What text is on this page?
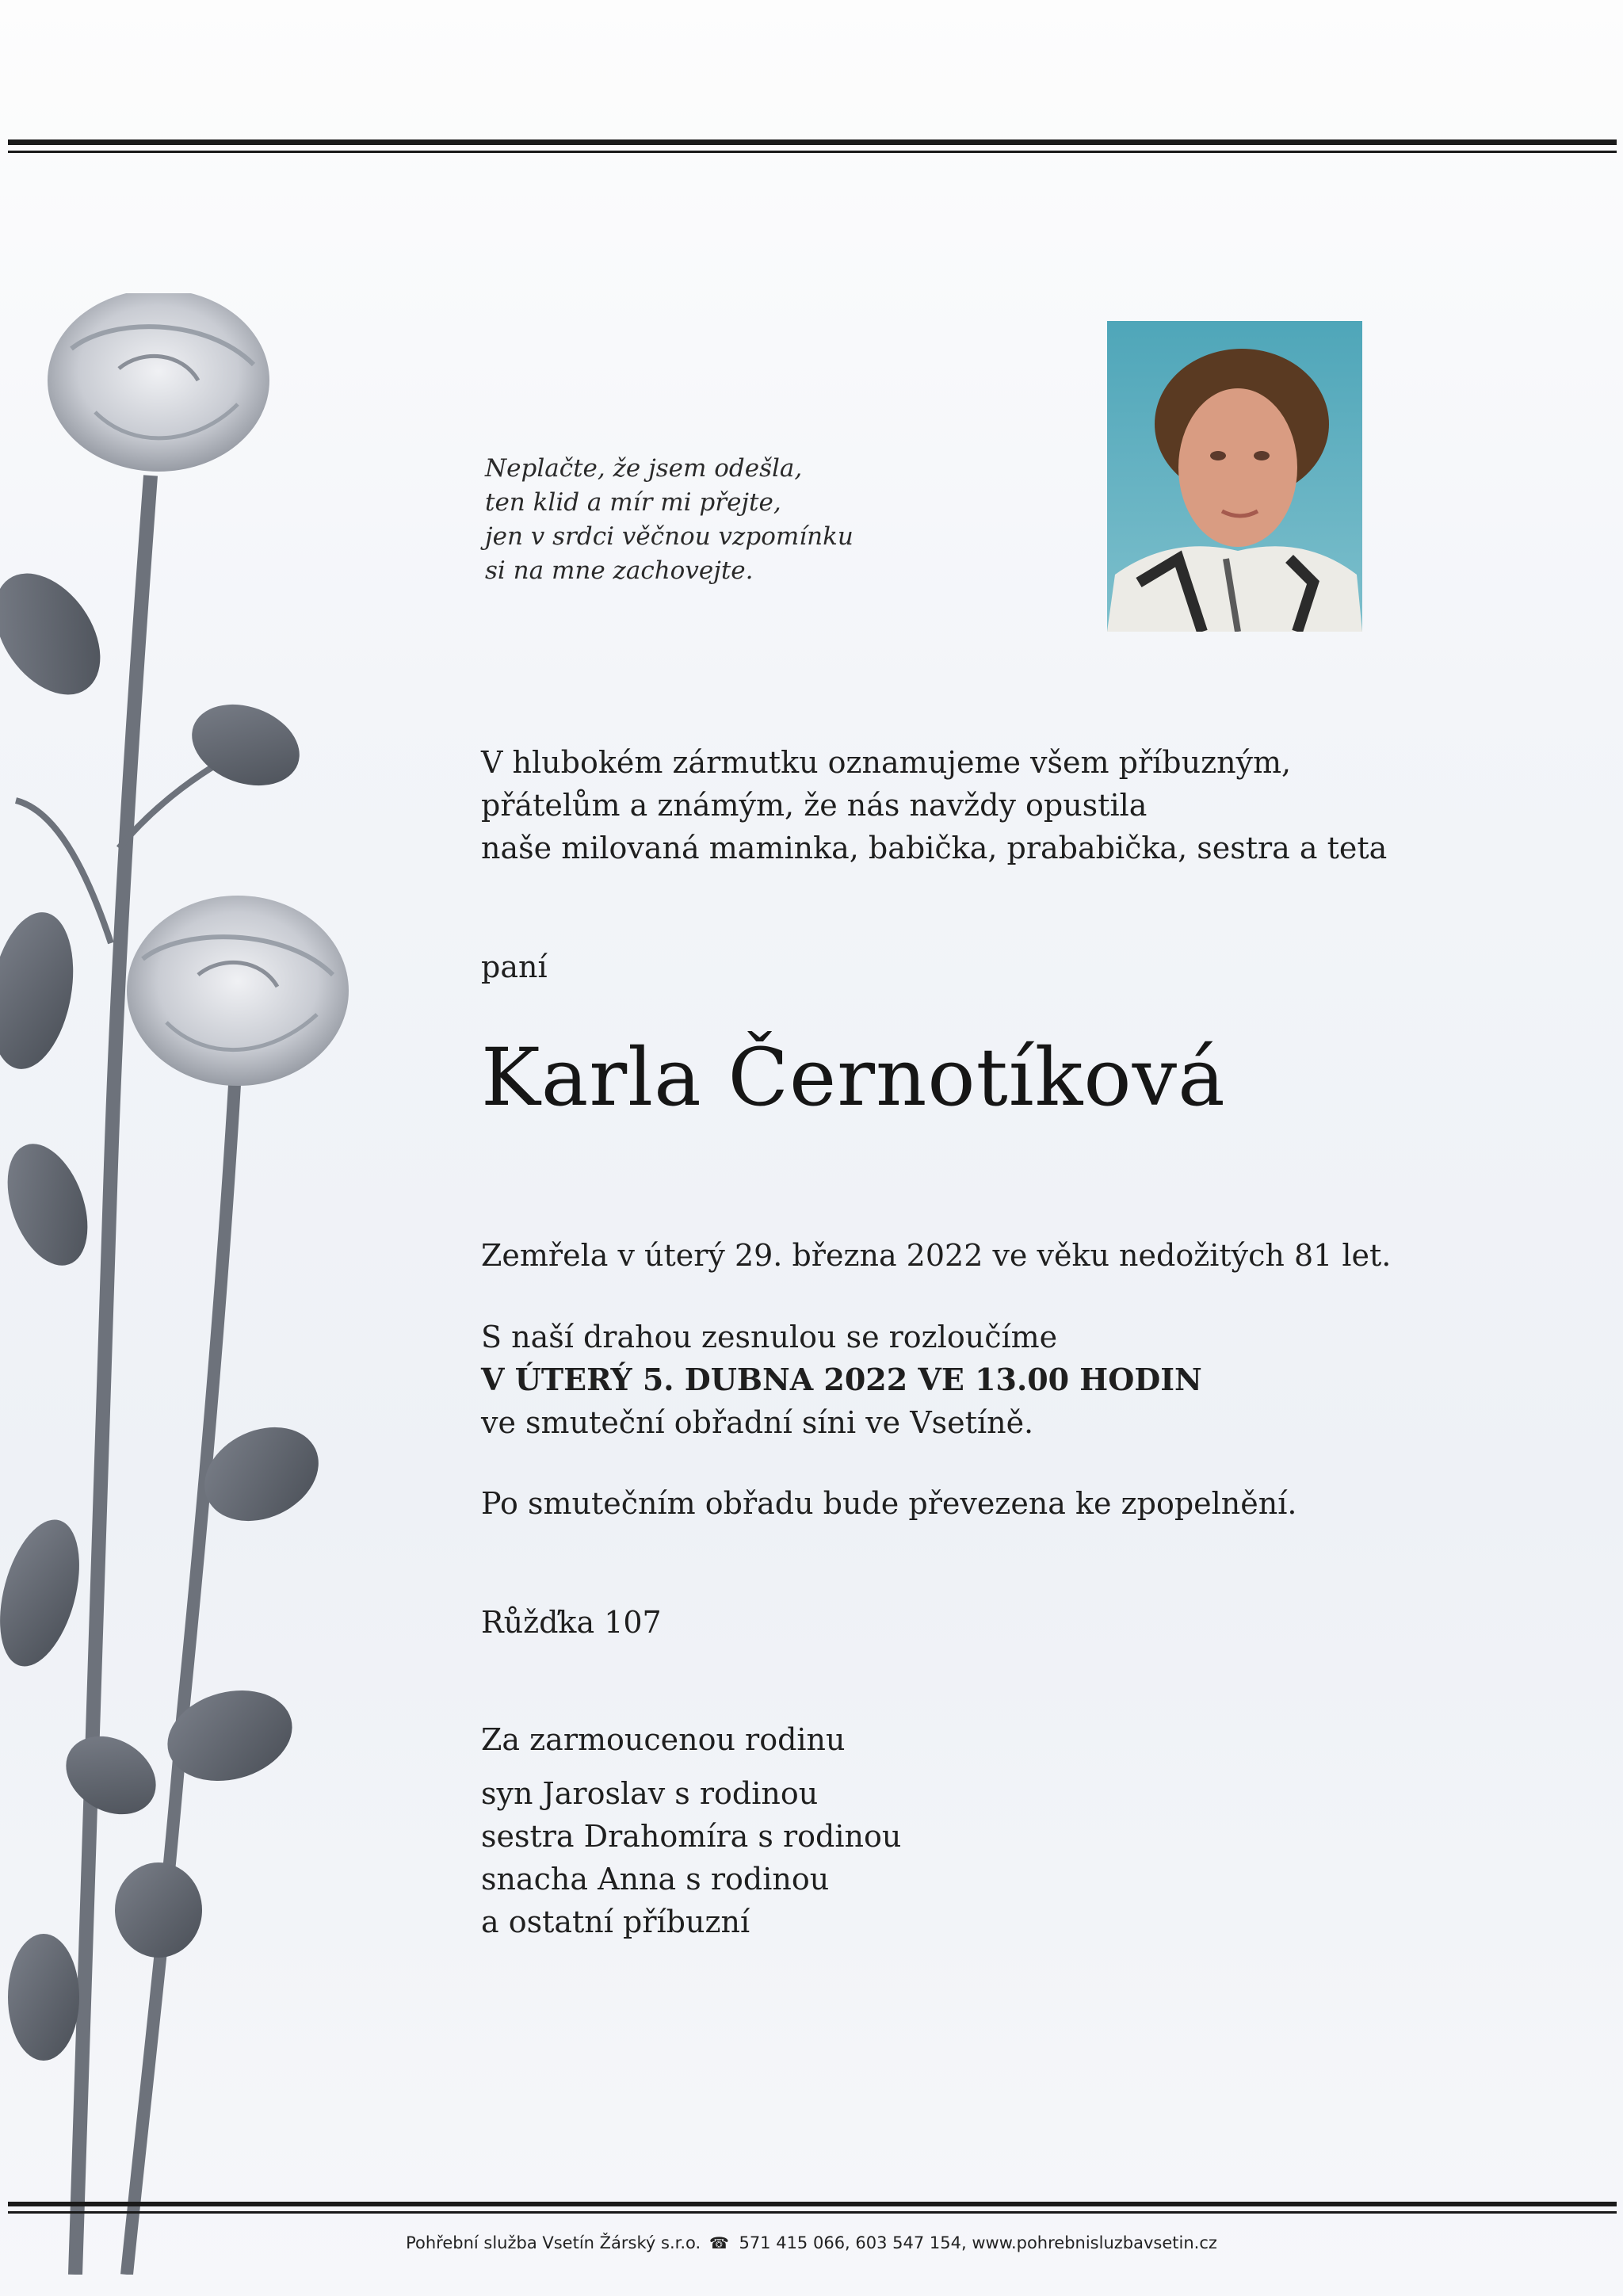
Neplačte, že jsem odešla,
ten klid a mír mi přejte,
jen v srdci věčnou vzpomínku
si na mne zachovejte.
V hlubokém zármutku oznamujeme všem příbuzným,
přátelům a známým, že nás navždy opustila
naše milovaná maminka, babička, prababička, sestra a teta
paní
Karla Černotíková
Zemřela v úterý 29. března 2022 ve věku nedožitých 81 let.
S naší drahou zesnulou se rozloučíme
V ÚTERÝ 5. DUBNA 2022 VE 13.00 HODIN
ve smuteční obřadní síni ve Vsetíně.
Po smutečním obřadu bude převezena ke zpopelnění.
Růžďka 107
Za zarmoucenou rodinu
syn Jaroslav s rodinou
sestra Drahomíra s rodinou
snacha Anna s rodinou
a ostatní příbuzní
Pohřební služba Vsetín Žárský s.r.o. ☎ 571 415 066, 603 547 154, www.pohrebnisluzbavsetin.cz
